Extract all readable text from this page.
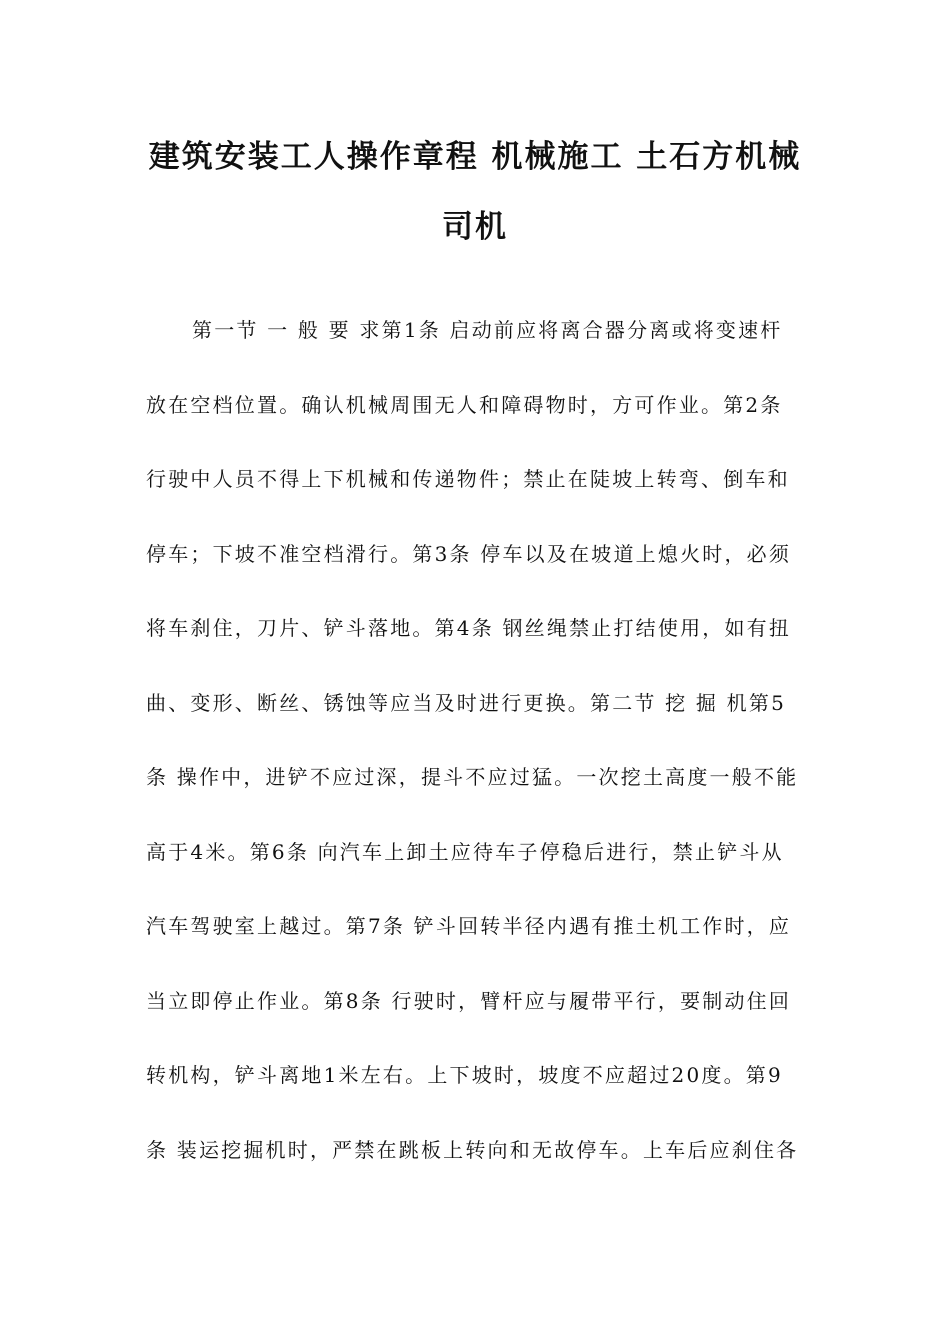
建筑安装工人操作章程 机械施工 土石方机械
司机
第一节 一 般 要 求第1条 启动前应将离合器分离或将变速杆
放在空档位置。确认机械周围无人和障碍物时，方可作业。第2条
行驶中人员不得上下机械和传递物件；禁止在陡坡上转弯、倒车和
停车；下坡不准空档滑行。第3条 停车以及在坡道上熄火时，必须
将车刹住，刀片、铲斗落地。第4条 钢丝绳禁止打结使用，如有扭
曲、变形、断丝、锈蚀等应当及时进行更换。第二节 挖 掘 机第5
条 操作中，进铲不应过深，提斗不应过猛。一次挖土高度一般不能
高于4米。第6条 向汽车上卸土应待车子停稳后进行，禁止铲斗从
汽车驾驶室上越过。第7条 铲斗回转半径内遇有推土机工作时，应
当立即停止作业。第8条 行驶时，臂杆应与履带平行，要制动住回
转机构，铲斗离地1米左右。上下坡时，坡度不应超过20度。第9
条 装运挖掘机时，严禁在跳板上转向和无故停车。上车后应刹住各
